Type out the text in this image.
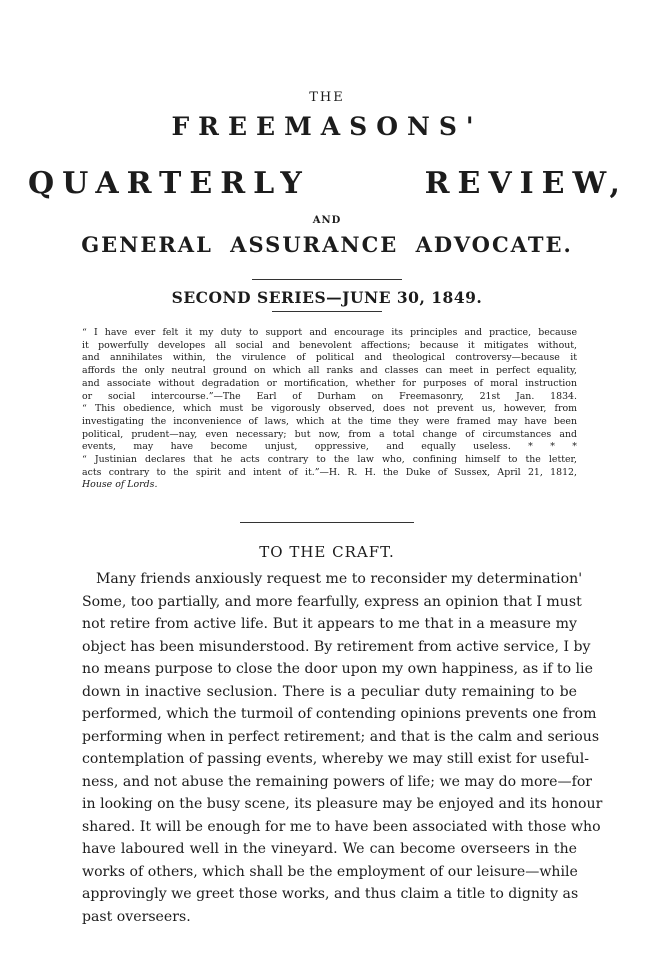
THE
FREEMASONS'
QUARTERLY	REVIEW,
AND
GENERAL ASSURANCE ADVOCATE.
SECOND SERIES—JUNE 30, 1849.
“ I have ever felt it my duty to support and encourage its principles and practice, because
it powerfully developes all social and benevolent affections; because it mitigates without,
and annihilates within, the virulence of political and theological controversy—because it
affords the only neutral ground on which all ranks and classes can meet in perfect equality,
and associate without degradation or mortification, whether for purposes of moral instruction
or social intercourse.”—The Earl of Durham on Freemasonry, 21st Jan. 1834.
“ This obedience, which must be vigorously observed, does not prevent us, however, from
investigating the inconvenience of laws, which at the time they were framed may have been
political, prudent—nay, even necessary; but now, from a total change of circumstances and
events, may have become unjust, oppressive, and equally useless. * * *
“ Justinian declares that he acts contrary to the law who, confining himself to the letter,
acts contrary to the spirit and intent of it.”—H. R. H. the Duke of Sussex, April 21, 1812,
House of Lords.
TO THE CRAFT.
Many friends anxiously request me to reconsider my determination'
Some, too partially, and more fearfully, express an opinion that I must
not retire from active life. But it appears to me that in a measure my
object has been misunderstood. By retirement from active service, I by
no means purpose to close the door upon my own happiness, as if to lie
down in inactive seclusion. There is a peculiar duty remaining to be
performed, which the turmoil of contending opinions prevents one from
performing when in perfect retirement; and that is the calm and serious
contemplation of passing events, whereby we may still exist for useful-
ness, and not abuse the remaining powers of life; we may do more—for
in looking on the busy scene, its pleasure may be enjoyed and its honour
shared. It will be enough for me to have been associated with those who
have laboured well in the vineyard. We can become overseers in the
works of others, which shall be the employment of our leisure—while
approvingly we greet those works, and thus claim a title to dignity as
past overseers.
